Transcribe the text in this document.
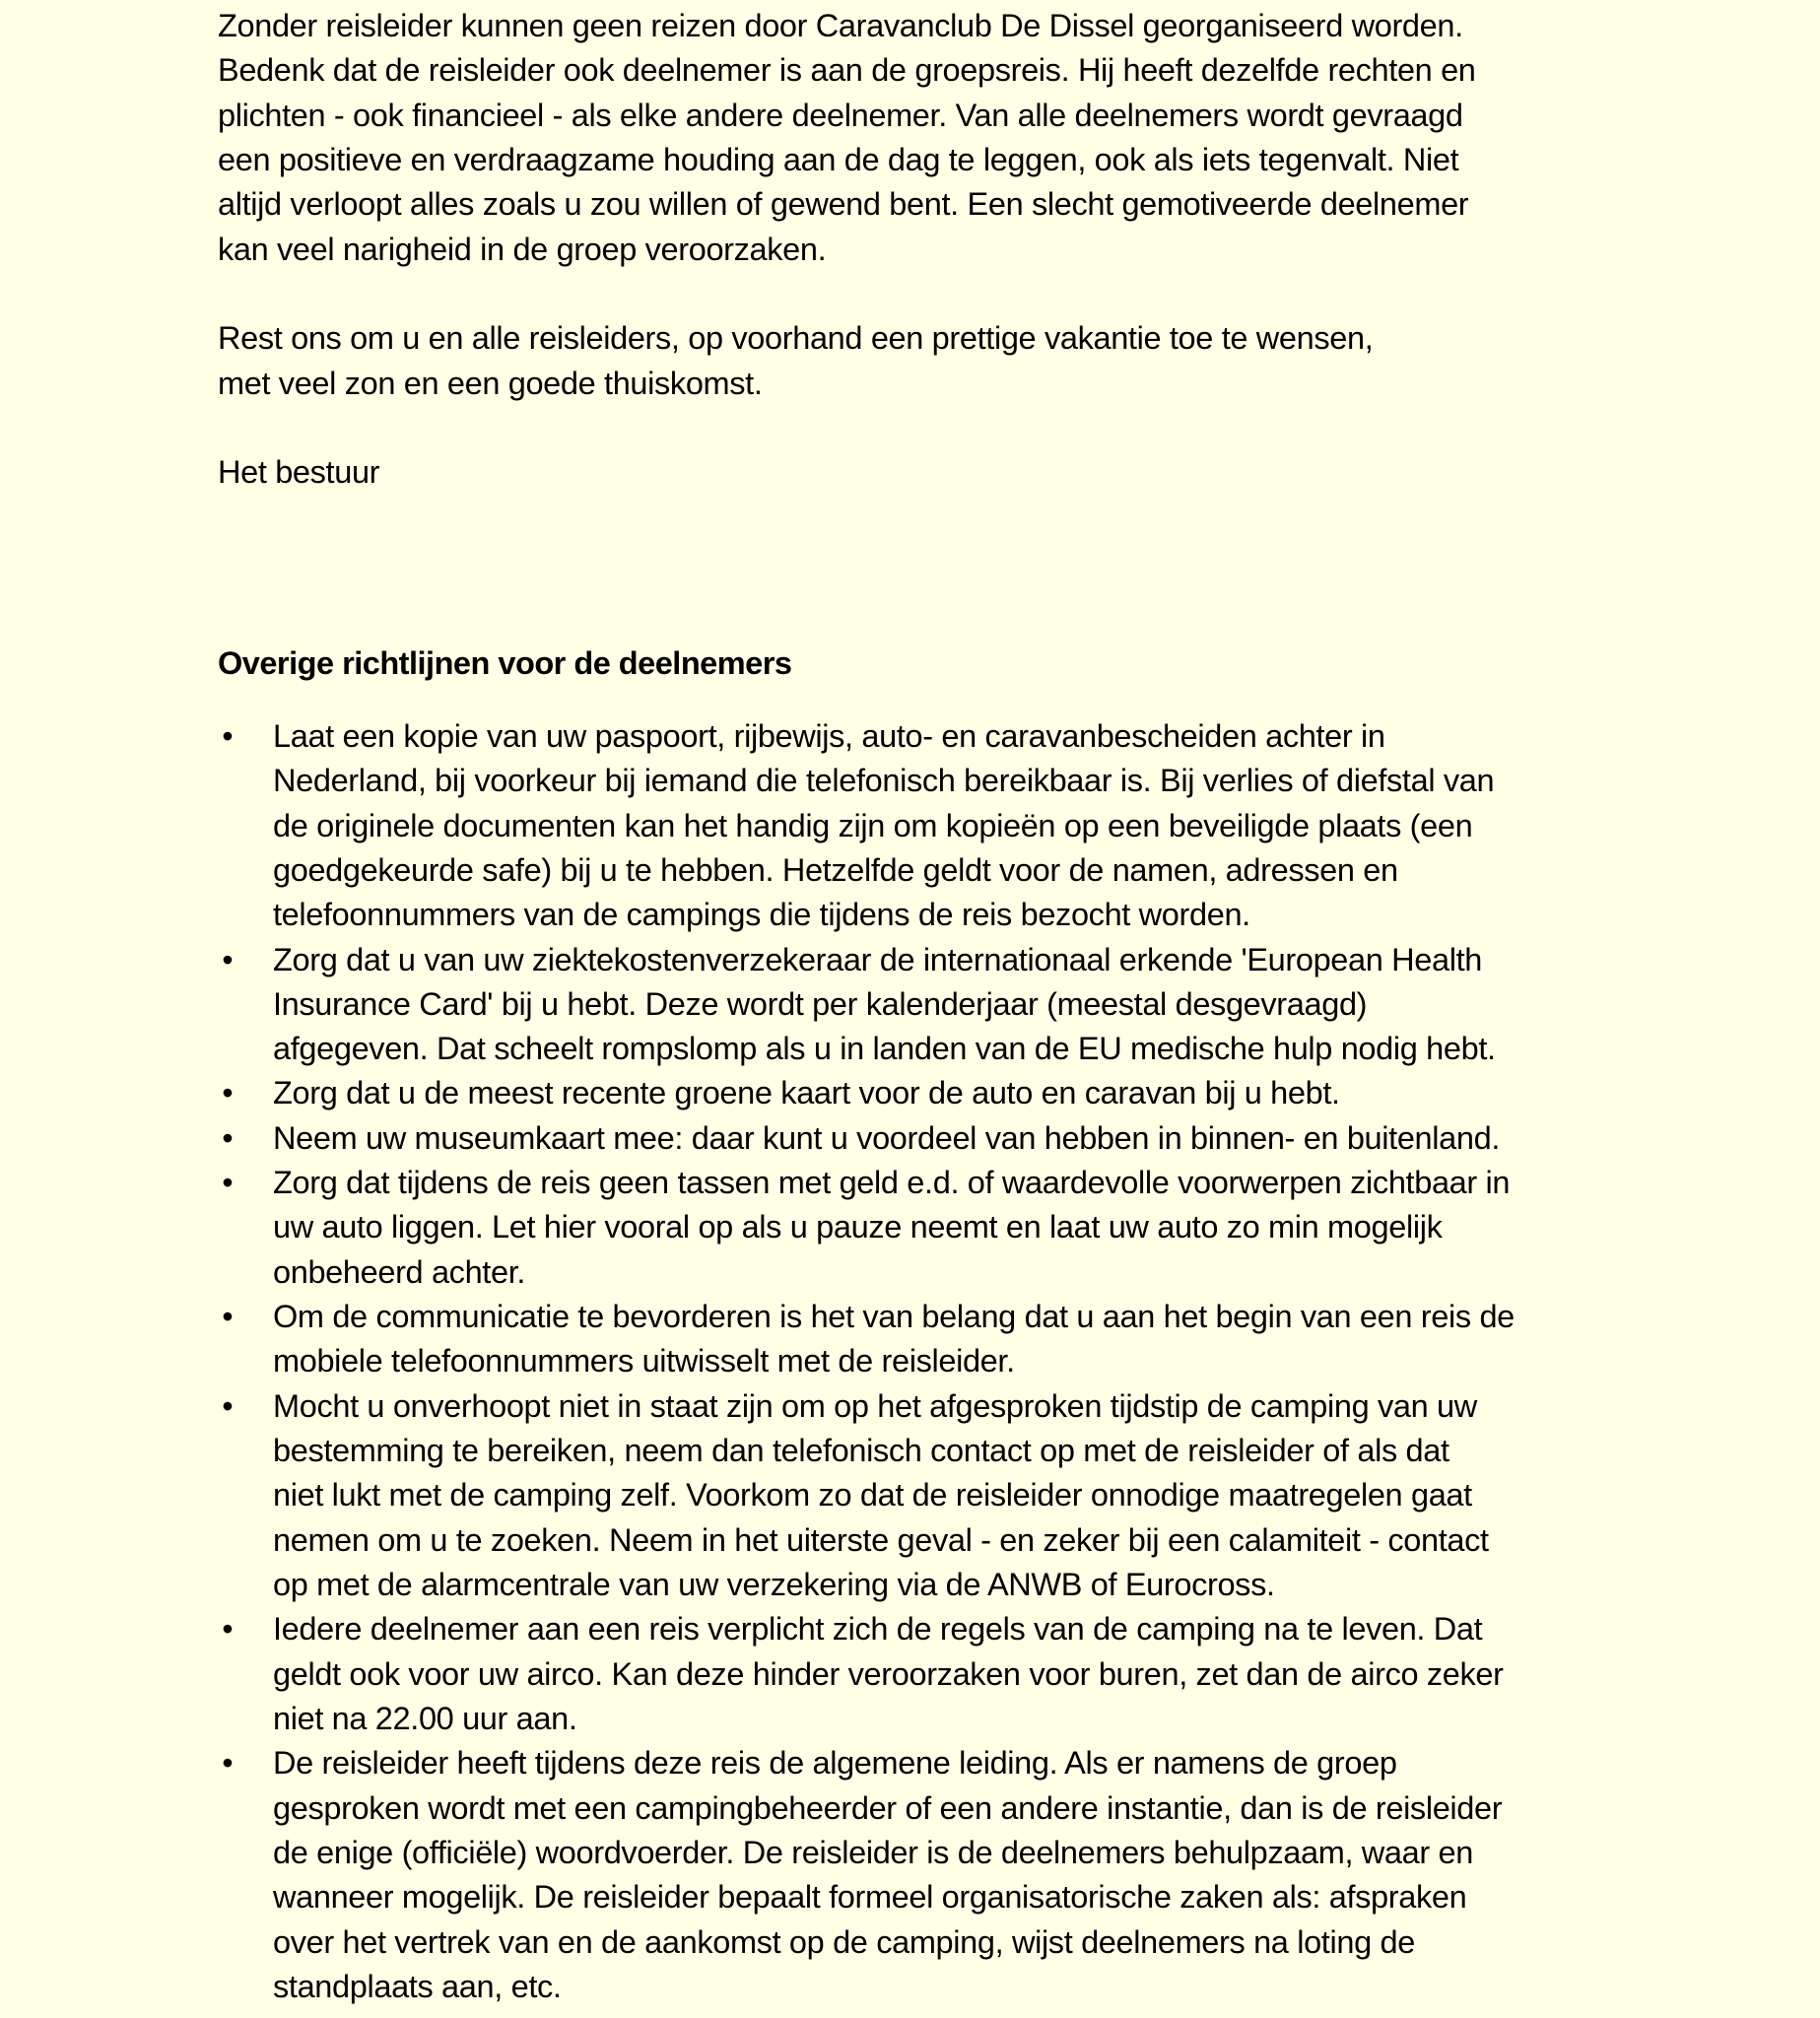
Zonder reisleider kunnen geen reizen door Caravanclub De Dissel georganiseerd worden.
Bedenk dat de reisleider ook deelnemer is aan de groepsreis. Hij heeft dezelfde rechten en
plichten - ook financieel - als elke andere deelnemer. Van alle deelnemers wordt gevraagd
een positieve en verdraagzame houding aan de dag te leggen, ook als iets tegenvalt. Niet
altijd verloopt alles zoals u zou willen of gewend bent. Een slecht gemotiveerde deelnemer
kan veel narigheid in de groep veroorzaken.
Rest ons om u en alle reisleiders, op voorhand een prettige vakantie toe te wensen,
met veel zon en een goede thuiskomst.
Het bestuur
Overige richtlijnen voor de deelnemers
• Laat een kopie van uw paspoort, rijbewijs, auto- en caravanbescheiden achter in
Nederland, bij voorkeur bij iemand die telefonisch bereikbaar is. Bij verlies of diefstal van
de originele documenten kan het handig zijn om kopieën op een beveiligde plaats (een
goedgekeurde safe) bij u te hebben. Hetzelfde geldt voor de namen, adressen en
telefoonnummers van de campings die tijdens de reis bezocht worden.
• Zorg dat u van uw ziektekostenverzekeraar de internationaal erkende 'European Health
Insurance Card' bij u hebt. Deze wordt per kalenderjaar (meestal desgevraagd)
afgegeven. Dat scheelt rompslomp als u in landen van de EU medische hulp nodig hebt.
• Zorg dat u de meest recente groene kaart voor de auto en caravan bij u hebt.
• Neem uw museumkaart mee: daar kunt u voordeel van hebben in binnen- en buitenland.
• Zorg dat tijdens de reis geen tassen met geld e.d. of waardevolle voorwerpen zichtbaar in
uw auto liggen. Let hier vooral op als u pauze neemt en laat uw auto zo min mogelijk
onbeheerd achter.
• Om de communicatie te bevorderen is het van belang dat u aan het begin van een reis de
mobiele telefoonnummers uitwisselt met de reisleider.
• Mocht u onverhoopt niet in staat zijn om op het afgesproken tijdstip de camping van uw
bestemming te bereiken, neem dan telefonisch contact op met de reisleider of als dat
niet lukt met de camping zelf. Voorkom zo dat de reisleider onnodige maatregelen gaat
nemen om u te zoeken. Neem in het uiterste geval - en zeker bij een calamiteit - contact
op met de alarmcentrale van uw verzekering via de ANWB of Eurocross.
• Iedere deelnemer aan een reis verplicht zich de regels van de camping na te leven. Dat
geldt ook voor uw airco. Kan deze hinder veroorzaken voor buren, zet dan de airco zeker
niet na 22.00 uur aan.
• De reisleider heeft tijdens deze reis de algemene leiding. Als er namens de groep
gesproken wordt met een campingbeheerder of een andere instantie, dan is de reisleider
de enige (officiële) woordvoerder. De reisleider is de deelnemers behulpzaam, waar en
wanneer mogelijk. De reisleider bepaalt formeel organisatorische zaken als: afspraken
over het vertrek van en de aankomst op de camping, wijst deelnemers na loting de
standplaats aan, etc.
